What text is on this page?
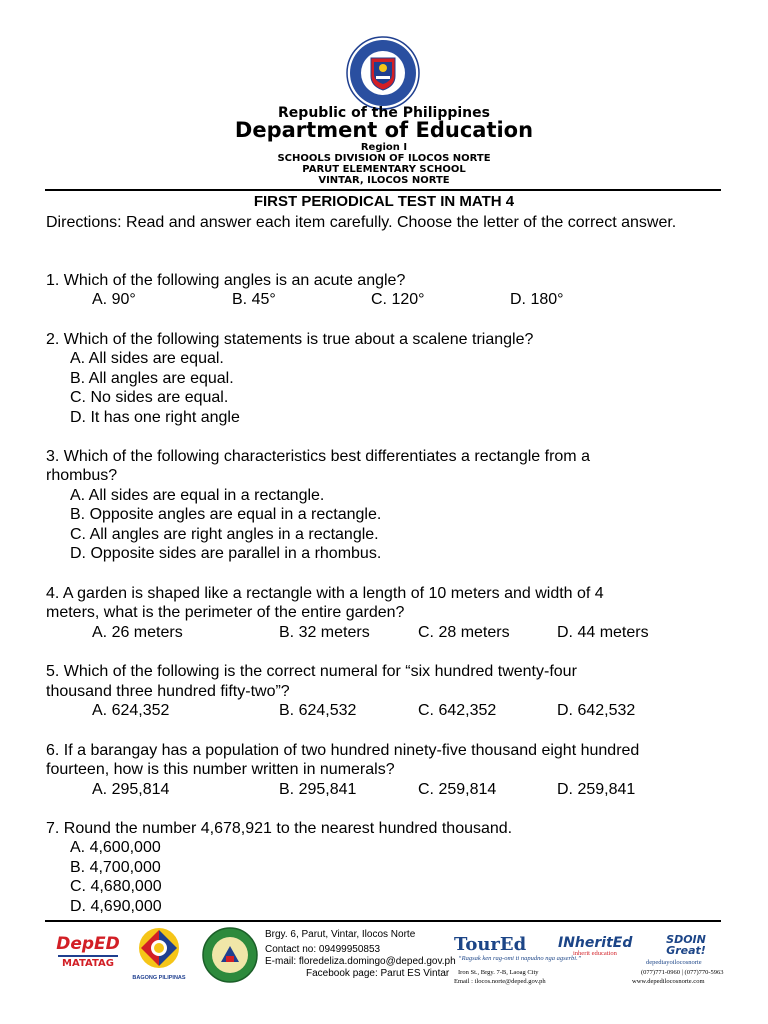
Republic of the Philippines
Department of Education
Region I
SCHOOLS DIVISION OF ILOCOS NORTE
PARUT ELEMENTARY SCHOOL
VINTAR, ILOCOS NORTE
FIRST PERIODICAL TEST IN MATH 4
Directions: Read and answer each item carefully. Choose the letter of the correct answer.
1. Which of the following angles is an acute angle?
A. 90°	B. 45°	C. 120°	D. 180°
2. Which of the following statements is true about a scalene triangle?
A. All sides are equal.
B. All angles are equal.
C. No sides are equal.
D. It has one right angle
3. Which of the following characteristics best differentiates a rectangle from a
rhombus?
A. All sides are equal in a rectangle.
B. Opposite angles are equal in a rectangle.
C. All angles are right angles in a rectangle.
D. Opposite sides are parallel in a rhombus.
4. A garden is shaped like a rectangle with a length of 10 meters and width of 4
meters, what is the perimeter of the entire garden?
A. 26 meters	B. 32 meters	C. 28 meters	D. 44 meters
5. Which of the following is the correct numeral for “six hundred twenty-four
thousand three hundred fifty-two”?
A. 624,352	B. 624,532	C. 642,352	D. 642,532
6. If a barangay has a population of two hundred ninety-five thousand eight hundred
fourteen, how is this number written in numerals?
A. 295,814	B. 295,841	C. 259,814	D. 259,841
7. Round the number 4,678,921 to the nearest hundred thousand.
A. 4,600,000
B. 4,700,000
C. 4,680,000
D. 4,690,000
DepED
MATATAG
BAGONG PILIPINAS
Brgy. 6, Parut, Vintar, Ilocos Norte
Contact no: 09499950853
E-mail: floredeliza.domingo@deped.gov.ph
Facebook page: Parut ES Vintar
TourEd
“Ragsak ken rag-omi ti napudno nga agserbi.”
INheritEd
inherit education
SDOIN Great!
depedtayoilocosnorte
Iron St., Brgy. 7-B, Laoag City
Email : ilocos.norte@deped.gov.ph
(077)771-0960 | (077)770-5963
www.depedilocosnorte.com
